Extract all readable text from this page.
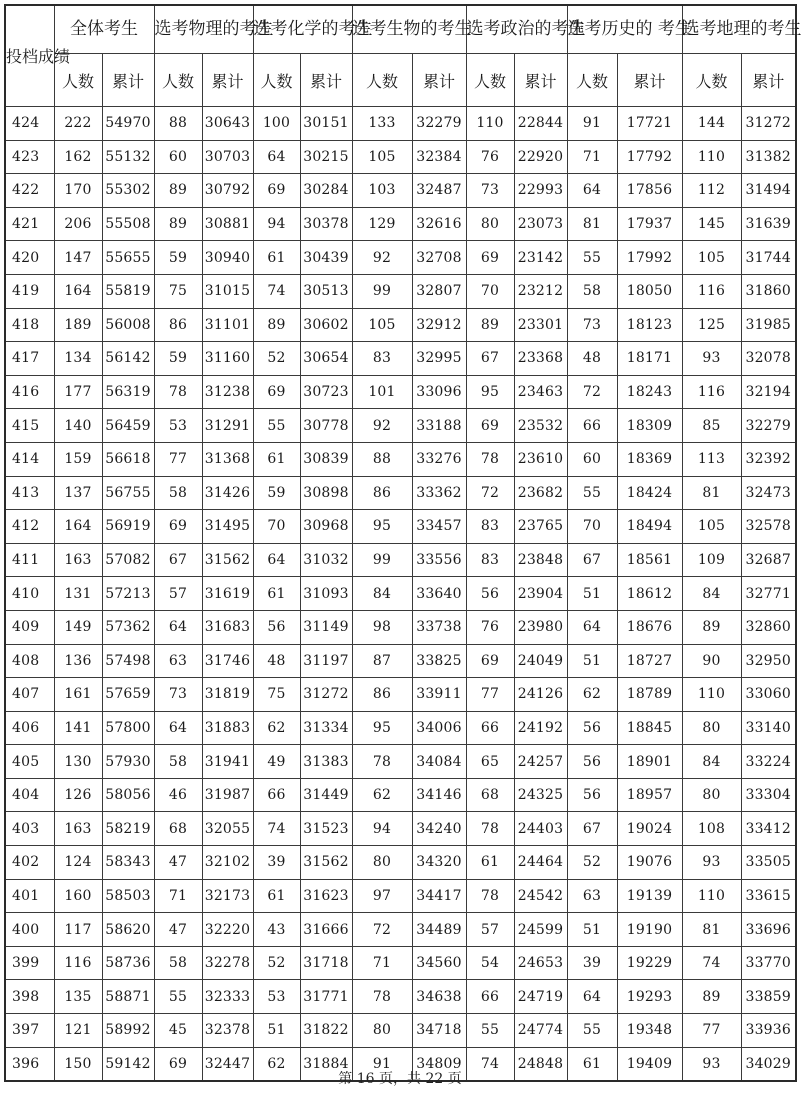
投档成绩	全体考生		选考物理的考生		选考化学的考生		选考生物的考生		选考政治的考生		选考历史的 考生		选考地理的考生	
	人数	累计	人数	累计	人数	累计	人数	累计	人数	累计	人数	累计	人数	累计
424	222	54970	88	30643	100	30151	133	32279	110	22844	91	17721	144	31272
423	162	55132	60	30703	64	30215	105	32384	76	22920	71	17792	110	31382
422	170	55302	89	30792	69	30284	103	32487	73	22993	64	17856	112	31494
421	206	55508	89	30881	94	30378	129	32616	80	23073	81	17937	145	31639
420	147	55655	59	30940	61	30439	92	32708	69	23142	55	17992	105	31744
419	164	55819	75	31015	74	30513	99	32807	70	23212	58	18050	116	31860
418	189	56008	86	31101	89	30602	105	32912	89	23301	73	18123	125	31985
417	134	56142	59	31160	52	30654	83	32995	67	23368	48	18171	93	32078
416	177	56319	78	31238	69	30723	101	33096	95	23463	72	18243	116	32194
415	140	56459	53	31291	55	30778	92	33188	69	23532	66	18309	85	32279
414	159	56618	77	31368	61	30839	88	33276	78	23610	60	18369	113	32392
413	137	56755	58	31426	59	30898	86	33362	72	23682	55	18424	81	32473
412	164	56919	69	31495	70	30968	95	33457	83	23765	70	18494	105	32578
411	163	57082	67	31562	64	31032	99	33556	83	23848	67	18561	109	32687
410	131	57213	57	31619	61	31093	84	33640	56	23904	51	18612	84	32771
409	149	57362	64	31683	56	31149	98	33738	76	23980	64	18676	89	32860
408	136	57498	63	31746	48	31197	87	33825	69	24049	51	18727	90	32950
407	161	57659	73	31819	75	31272	86	33911	77	24126	62	18789	110	33060
406	141	57800	64	31883	62	31334	95	34006	66	24192	56	18845	80	33140
405	130	57930	58	31941	49	31383	78	34084	65	24257	56	18901	84	33224
404	126	58056	46	31987	66	31449	62	34146	68	24325	56	18957	80	33304
403	163	58219	68	32055	74	31523	94	34240	78	24403	67	19024	108	33412
402	124	58343	47	32102	39	31562	80	34320	61	24464	52	19076	93	33505
401	160	58503	71	32173	61	31623	97	34417	78	24542	63	19139	110	33615
400	117	58620	47	32220	43	31666	72	34489	57	24599	51	19190	81	33696
399	116	58736	58	32278	52	31718	71	34560	54	24653	39	19229	74	33770
398	135	58871	55	32333	53	31771	78	34638	66	24719	64	19293	89	33859
397	121	58992	45	32378	51	31822	80	34718	55	24774	55	19348	77	33936
396	150	59142	69	32447	62	31884	91	34809	74	24848	61	19409	93	34029
第 16 页，共 22 页
